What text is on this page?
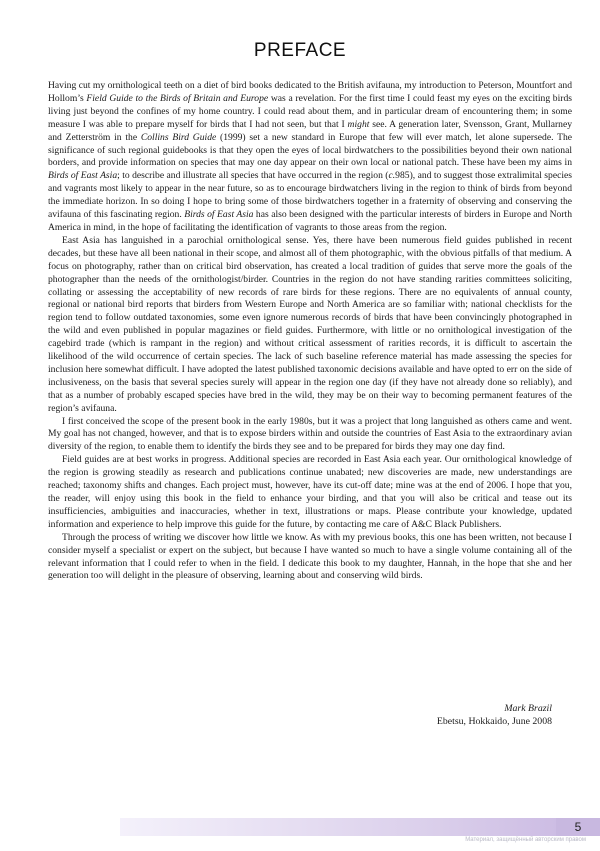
PREFACE

Having cut my ornithological teeth on a diet of bird books dedicated to the British avifauna, my introduction to Peterson, Mountfort and Hollom’s Field Guide to the Birds of Britain and Europe was a revelation. For the first time I could feast my eyes on the exciting birds living just beyond the confines of my home country. I could read about them, and in particular dream of encountering them; in some measure I was able to prepare myself for birds that I had not seen, but that I might see. A generation later, Svensson, Grant, Mullarney and Zetterström in the Collins Bird Guide (1999) set a new standard in Europe that few will ever match, let alone supersede. The significance of such regional guidebooks is that they open the eyes of local birdwatchers to the possibilities beyond their own national borders, and provide information on species that may one day appear on their own local or national patch. These have been my aims in Birds of East Asia; to describe and illustrate all species that have occurred in the region (c.985), and to suggest those extralimital species and vagrants most likely to appear in the near future, so as to encourage birdwatchers living in the region to think of birds from beyond the immediate horizon. In so doing I hope to bring some of those birdwatchers together in a fraternity of observing and conserving the avifauna of this fascinating region. Birds of East Asia has also been designed with the particular interests of birders in Europe and North America in mind, in the hope of facilitating the identification of vagrants to those areas from the region.

East Asia has languished in a parochial ornithological sense. Yes, there have been numerous field guides published in recent decades, but these have all been national in their scope, and almost all of them photographic, with the obvious pitfalls of that medium. A focus on photography, rather than on critical bird observation, has created a local tradition of guides that serve more the goals of the photographer than the needs of the ornithologist/birder. Countries in the region do not have standing rarities committees soliciting, collating or assessing the acceptability of new records of rare birds for these regions. There are no equivalents of annual county, regional or national bird reports that birders from Western Europe and North America are so familiar with; national checklists for the region tend to follow outdated taxonomies, some even ignore numerous records of birds that have been convincingly photographed in the wild and even published in popular magazines or field guides. Furthermore, with little or no ornithological investigation of the cagebird trade (which is rampant in the region) and without critical assessment of rarities records, it is difficult to ascertain the likelihood of the wild occurrence of certain species. The lack of such baseline reference material has made assessing the species for inclusion here somewhat difficult. I have adopted the latest published taxonomic decisions available and have opted to err on the side of inclusiveness, on the basis that several species surely will appear in the region one day (if they have not already done so reliably), and that as a number of probably escaped species have bred in the wild, they may be on their way to becoming permanent features of the region’s avifauna.

I first conceived the scope of the present book in the early 1980s, but it was a project that long languished as others came and went. My goal has not changed, however, and that is to expose birders within and outside the countries of East Asia to the extraordinary avian diversity of the region, to enable them to identify the birds they see and to be prepared for birds they may one day find.

Field guides are at best works in progress. Additional species are recorded in East Asia each year. Our ornithological knowledge of the region is growing steadily as research and publications continue unabated; new discoveries are made, new understandings are reached; taxonomy shifts and changes. Each project must, however, have its cut-off date; mine was at the end of 2006. I hope that you, the reader, will enjoy using this book in the field to enhance your birding, and that you will also be critical and tease out its insufficiencies, ambiguities and inaccuracies, whether in text, illustrations or maps. Please contribute your knowledge, updated information and experience to help improve this guide for the future, by contacting me care of A&C Black Publishers.

Through the process of writing we discover how little we know. As with my previous books, this one has been written, not because I consider myself a specialist or expert on the subject, but because I have wanted so much to have a single volume containing all of the relevant information that I could refer to when in the field. I dedicate this book to my daughter, Hannah, in the hope that she and her generation too will delight in the pleasure of observing, learning about and conserving wild birds.

Mark Brazil
Ebetsu, Hokkaido, June 2008
5
Материал, защищённый авторским правом
